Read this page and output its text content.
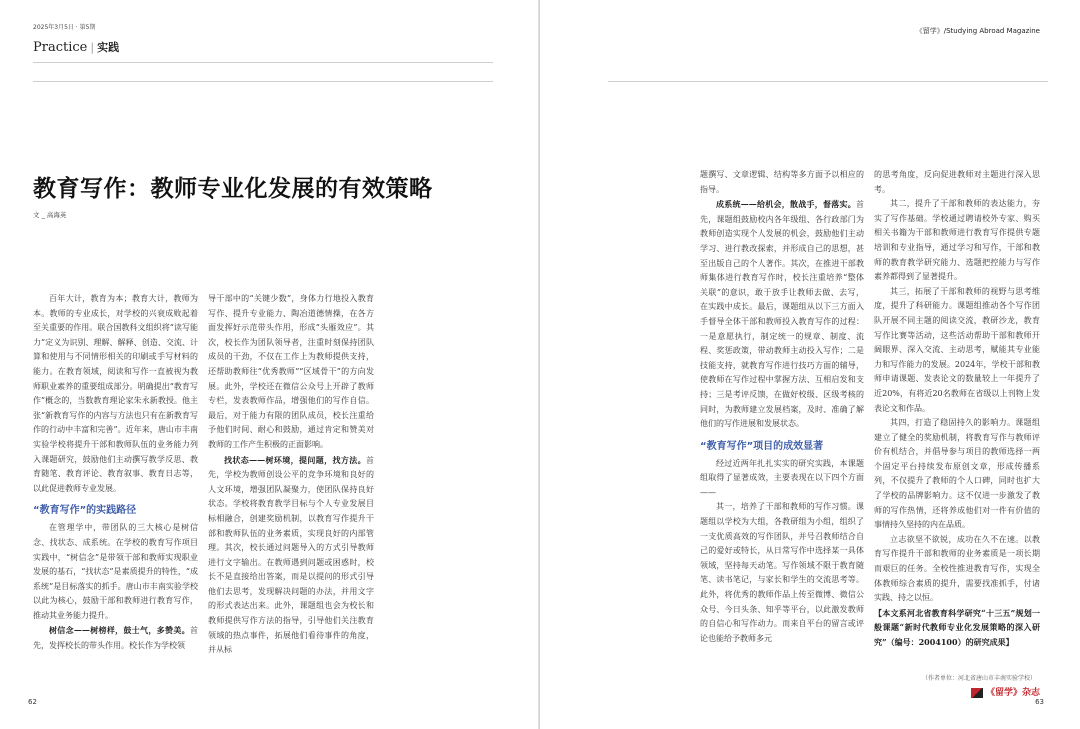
2025年3月5日 · 第5期
Practice | 实践
教育写作：教师专业化发展的有效策略
文 _ 高海英

百年大计，教育为本；教育大计，教师为本。教师的专业成长，对学校的兴衰成败起着至关重要的作用。联合国教科文组织将“读写能力”定义为识别、理解、解释、创造、交流、计算和使用与不同情形相关的印刷或手写材料的能力。在教育领域，阅读和写作一直被视为教师职业素养的重要组成部分。明确提出“教育写作”概念的，当数教育理论家朱永新教授。他主张“新教育写作的内容与方法也只有在新教育写作的行动中丰富和完善”。近年来，唐山市丰南实验学校将提升干部和教师队伍的业务能力列入课题研究，鼓励他们主动撰写教学反思、教育随笔、教育评论、教育叙事、教育日志等，以此促进教师专业发展。

“教育写作”的实践路径

在管理学中，带团队的三大核心是树信念、找状态、成系统。在学校的教育写作项目实践中，“树信念”是带领干部和教师实现职业发展的基石，“找状态”是素质提升的特性，“成系统”是目标落实的抓手。唐山市丰南实验学校以此为核心，鼓励干部和教师进行教育写作，推动其业务能力提升。

树信念——树榜样，鼓士气，多赞美。首先，发挥校长的带头作用。校长作为学校领

导干部中的“关键少数”，身体力行地投入教育写作、提升专业能力、陶冶道德情操，在各方面发挥好示范带头作用，形成“头雁效应”。其次，校长作为团队领导者，注重时刻保持团队成员的干劲，不仅在工作上为教师提供支持，还帮助教师往“优秀教师”“区域骨干”的方向发展。此外，学校还在微信公众号上开辟了教师专栏，发表教师作品，增强他们的写作自信。最后，对于能力有限的团队成员，校长注重给予他们时间、耐心和鼓励，通过肯定和赞美对教师的工作产生积极的正面影响。

找状态——树环境，提问题，找方法。首先，学校为教师创设公平的竞争环境和良好的人文环境，增强团队凝聚力，使团队保持良好状态。学校将教育教学目标与个人专业发展目标相融合，创建奖励机制，以教育写作提升干部和教师队伍的业务素质，实现良好的内部管理。其次，校长通过问题导入的方式引导教师进行文字输出。在教师遇到问题或困惑时，校长不是直接给出答案，而是以提问的形式引导他们去思考，发现解决问题的办法，并用文字的形式表达出来。此外，课题组也会为校长和教师提供写作方法的指导，引导他们关注教育领域的热点事件，拓展他们看待事件的角度，并从标

62
《留学》/Studying Abroad Magazine

题撰写、文章逻辑、结构等多方面予以相应的指导。

成系统——给机会，散战手，督落实。首先，课题组鼓励校内各年级组、各行政部门为教师创造实现个人发展的机会，鼓励他们主动学习、进行教改探索，并形成自己的思想，甚至出版自己的个人著作。其次，在推进干部教师集体进行教育写作时，校长注重培养“整体关联”的意识，敢于放手让教师去做、去写，在实践中成长。最后，课题组从以下三方面入手督导全体干部和教师投入教育写作的过程：一是意愿执行，制定统一的规章、制度、流程、奖惩政策，带动教师主动投入写作；二是技能支持，就教育写作进行技巧方面的辅导，使教师在写作过程中掌握方法、互相启发和支持；三是考评反馈，在做好校级、区级考核的同时，为教师建立发展档案，及时、准确了解他们的写作进展和发展状态。

“教育写作”项目的成效显著

经过近两年扎扎实实的研究实践，本课题组取得了显著成效，主要表现在以下四个方面——

其一，培养了干部和教师的写作习惯。课题组以学校为大组，各教研组为小组，组织了一支优质高效的写作团队，并号召教师结合自己的爱好或特长，从日常写作中选择某一具体领域，坚持每天动笔。写作领域不限于教育随笔、读书笔记，与家长和学生的交流思考等。此外，将优秀的教师作品上传至微博、微信公众号、今日头条、知乎等平台，以此激发教师的自信心和写作动力。而来自平台的留言或评论也能给予教师多元

的思考角度，反向促进教师对主题进行深入思考。

其二，提升了干部和教师的表达能力，夯实了写作基础。学校通过聘请校外专家、购买相关书籍为干部和教师进行教育写作提供专题培训和专业指导，通过学习和写作，干部和教师的教育教学研究能力、选题把控能力与写作素养都得到了显著提升。

其三，拓展了干部和教师的视野与思考维度，提升了科研能力。课题组推动各个写作团队开展不同主题的阅读交流，教研沙龙，教育写作比赛等活动，这些活动帮助干部和教师开阔眼界、深入交流、主动思考，赋能其专业能力和写作能力的发展。2024年，学校干部和教师申请课题、发表论文的数量较上一年提升了近20%，有将近20名教师在省级以上刊物上发表论文和作品。

其四，打造了稳固持久的影响力。课题组建立了健全的奖励机制，将教育写作与教师评价有机结合，并倡导参与项目的教师选择一两个固定平台持续发布原创文章，形成传播系列，不仅提升了教师的个人口碑，同时也扩大了学校的品牌影响力。这不仅进一步激发了教师的写作热情，还将养成他们对一件有价值的事情持久坚持的内在品质。

立志欲坚不欲锐，成功在久不在速。以教育写作提升干部和教师的业务素质是一项长期而艰巨的任务。全校性推进教育写作，实现全体教师综合素质的提升，需要找准抓手，付诸实践、持之以恒。

【本文系河北省教育科学研究“十三五”规划一般课题“新时代教师专业化发展策略的深入研究”（编号：2004100）的研究成果】

（作者单位：河北省唐山市丰南实验学校）
《留学》杂志
63
